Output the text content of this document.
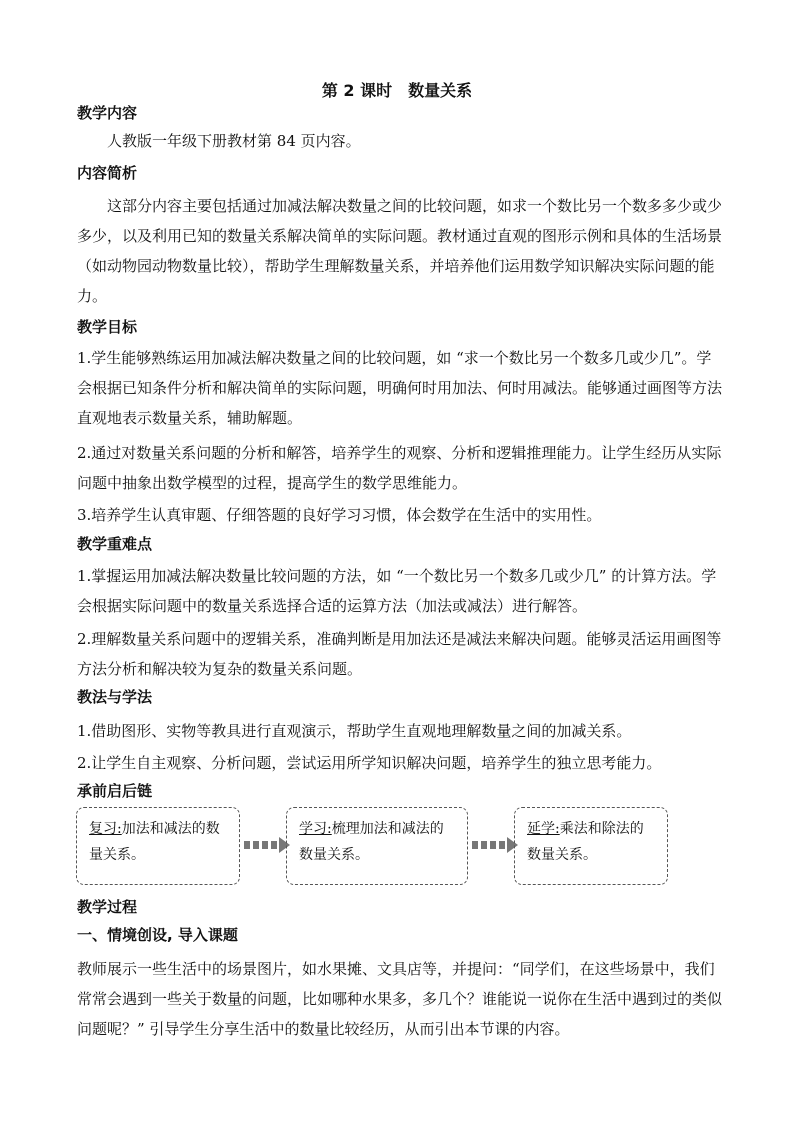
第 2 课时　数量关系
教学内容
人教版一年级下册教材第 84 页内容。
内容简析
这部分内容主要包括通过加减法解决数量之间的比较问题，如求一个数比另一个数多多少或少多少，以及利用已知的数量关系解决简单的实际问题。教材通过直观的图形示例和具体的生活场景（如动物园动物数量比较），帮助学生理解数量关系，并培养他们运用数学知识解决实际问题的能力。
教学目标
1.学生能够熟练运用加减法解决数量之间的比较问题，如 “求一个数比另一个数多几或少几”。学会根据已知条件分析和解决简单的实际问题，明确何时用加法、何时用减法。能够通过画图等方法直观地表示数量关系，辅助解题。
2.通过对数量关系问题的分析和解答，培养学生的观察、分析和逻辑推理能力。让学生经历从实际问题中抽象出数学模型的过程，提高学生的数学思维能力。
3.培养学生认真审题、仔细答题的良好学习习惯，体会数学在生活中的实用性。
教学重难点
1.掌握运用加减法解决数量比较问题的方法，如 “一个数比另一个数多几或少几” 的计算方法。学会根据实际问题中的数量关系选择合适的运算方法（加法或减法）进行解答。
2.理解数量关系问题中的逻辑关系，准确判断是用加法还是减法来解决问题。能够灵活运用画图等方法分析和解决较为复杂的数量关系问题。
教法与学法
1.借助图形、实物等教具进行直观演示，帮助学生直观地理解数量之间的加减关系。
2.让学生自主观察、分析问题，尝试运用所学知识解决问题，培养学生的独立思考能力。
承前启后链
复习:加法和减法的数量关系。
学习:梳理加法和减法的数量关系。
延学:乘法和除法的数量关系。
教学过程
一、情境创设, 导入课题
教师展示一些生活中的场景图片，如水果摊、文具店等，并提问：“同学们，在这些场景中，我们常常会遇到一些关于数量的问题，比如哪种水果多，多几个？谁能说一说你在生活中遇到过的类似问题呢？” 引导学生分享生活中的数量比较经历，从而引出本节课的内容。
